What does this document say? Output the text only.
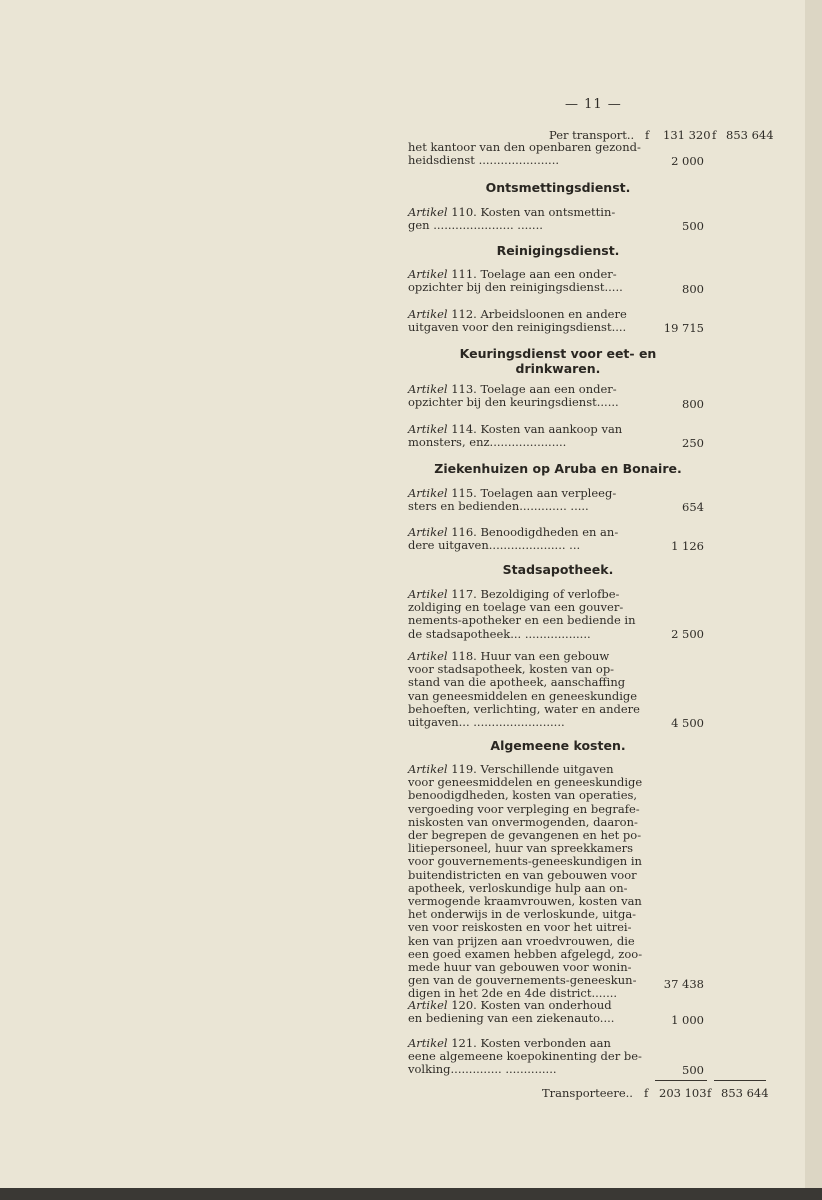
— 11 —
Per transport.. f 131 320 f 853 644
het kantoor van den openbaren gezond-
heidsdienst ......................	2 000
Ontsmettingsdienst.
Artikel 110. Kosten van ontsmettin-
gen ...................... .......	500
Reinigingsdienst.
Artikel 111. Toelage aan een onder-
opzichter bij den reinigingsdienst.....	800
Artikel 112. Arbeidsloonen en andere
uitgaven voor den reinigingsdienst....	19 715
Keuringsdienst voor eet- en
drinkwaren.
Artikel 113. Toelage aan een onder-
opzichter bij den keuringsdienst......	800
Artikel 114. Kosten van aankoop van
monsters, enz.....................	250
Ziekenhuizen op Aruba en Bonaire.
Artikel 115. Toelagen aan verpleeg-
sters en bedienden............. .....	654
Artikel 116. Benoodigdheden en an-
dere uitgaven..................... ...	1 126
Stadsapotheek.
Artikel 117. Bezoldiging of verlofbe-
zoldiging en toelage van een gouver-
nements-apotheker en een bediende in
de stadsapotheek... ..................	2 500
Artikel 118. Huur van een gebouw
voor stadsapotheek, kosten van op-
stand van die apotheek, aanschaffing
van geneesmiddelen en geneeskundige
behoeften, verlichting, water en andere
uitgaven... .........................	4 500
Algemeene kosten.
Artikel 119. Verschillende uitgaven
voor geneesmiddelen en geneeskundige
benoodigdheden, kosten van operaties,
vergoeding voor verpleging en begrafe-
niskosten van onvermogenden, daaron-
der begrepen de gevangenen en het po-
litiepersoneel, huur van spreekkamers
voor gouvernements-geneeskundigen in
buitendistricten en van gebouwen voor
apotheek, verloskundige hulp aan on-
vermogende kraamvrouwen, kosten van
het onderwijs in de verloskunde, uitga-
ven voor reiskosten en voor het uitrei-
ken van prijzen aan vroedvrouwen, die
een goed examen hebben afgelegd, zoo-
mede huur van gebouwen voor wonin-
gen van de gouvernements-geneeskun-
digen in het 2de en 4de district.......
37 438
Artikel 120. Kosten van onderhoud
en bediening van een ziekenauto....	1 000
Artikel 121. Kosten verbonden aan
eene algemeene koepokinenting der be-
volking.............. ..............	500
Transporteere.. f 203 103 f 853 644
